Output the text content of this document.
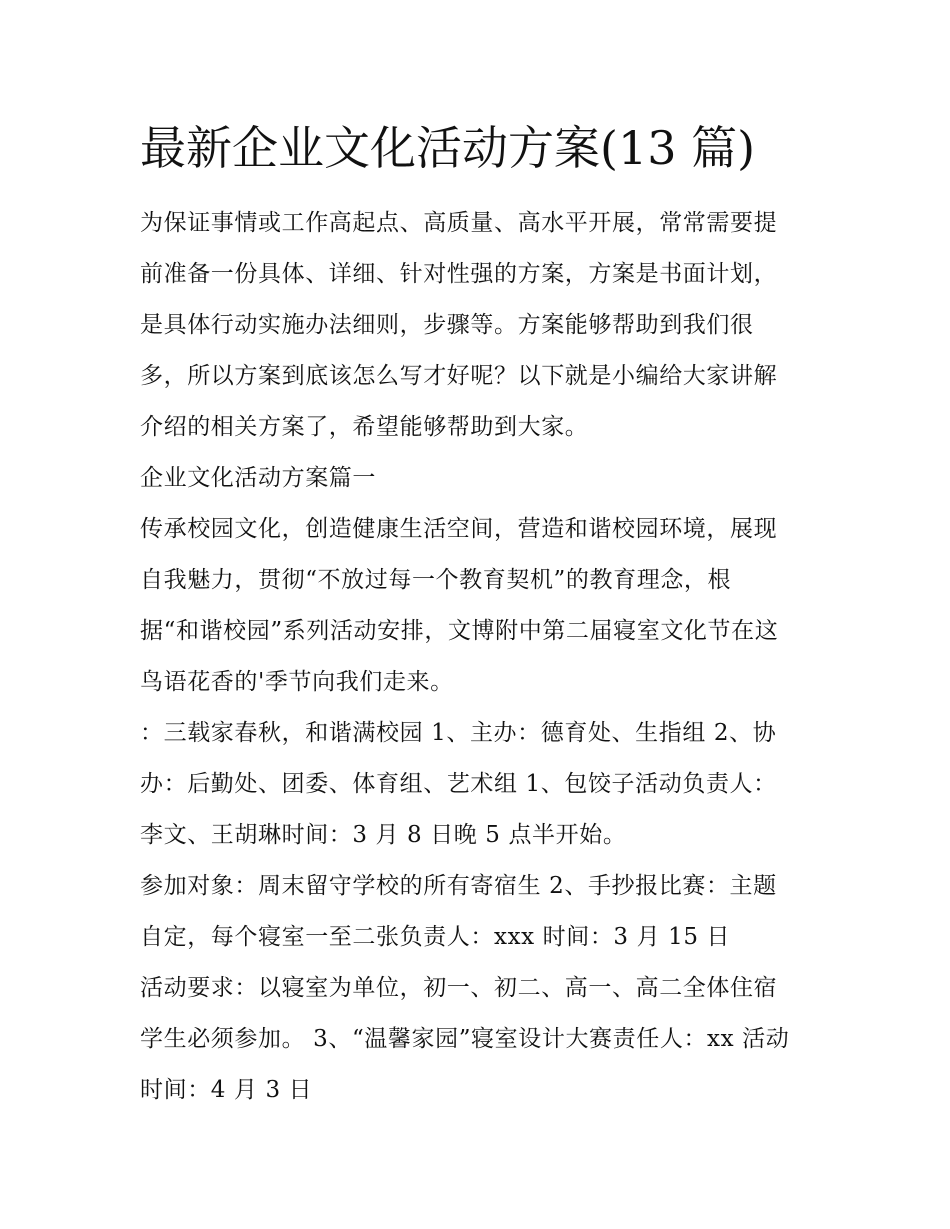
最新企业文化活动方案(13 篇)
为保证事情或工作高起点、高质量、高水平开展，常常需要提
前准备一份具体、详细、针对性强的方案，方案是书面计划，
是具体行动实施办法细则，步骤等。方案能够帮助到我们很
多，所以方案到底该怎么写才好呢？以下就是小编给大家讲解
介绍的相关方案了，希望能够帮助到大家。
企业文化活动方案篇一
传承校园文化，创造健康生活空间，营造和谐校园环境，展现
自我魅力，贯彻“不放过每一个教育契机”的教育理念，根
据“和谐校园”系列活动安排，文博附中第二届寝室文化节在这
鸟语花香的'季节向我们走来。
：三载家春秋，和谐满校园 1、主办：德育处、生指组 2、协
办：后勤处、团委、体育组、艺术组 1、包饺子活动负责人：
李文、王胡琳时间：3 月 8 日晚 5 点半开始。
参加对象：周末留守学校的所有寄宿生 2、手抄报比赛：主题
自定，每个寝室一至二张负责人：xxx 时间：3 月 15 日
活动要求：以寝室为单位，初一、初二、高一、高二全体住宿
学生必须参加。 3、“温馨家园”寝室设计大赛责任人：xx 活动
时间：4 月 3 日
